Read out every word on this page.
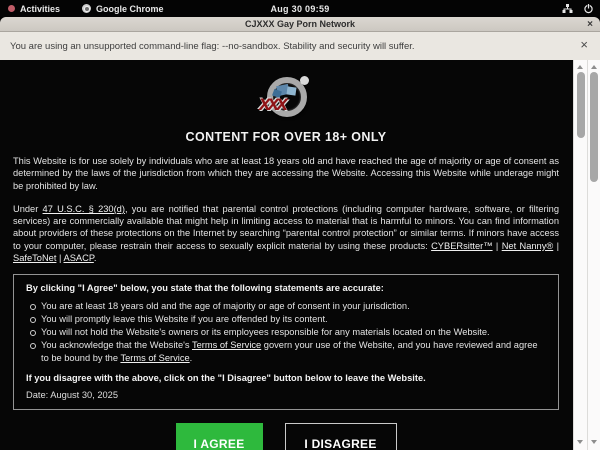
Activities	Google Chrome	Aug 30 09:59
CJXXX Gay Porn Network	×
You are using an unsupported command-line flag: --no-sandbox. Stability and security will suffer.	×
xxx
CONTENT FOR OVER 18+ ONLY

This Website is for use solely by individuals who are at least 18 years old and have reached the age of majority or age of consent as determined by the laws of the jurisdiction from which they are accessing the Website. Accessing this Website while underage might be prohibited by law.

Under 47 U.S.C. § 230(d), you are notified that parental control protections (including computer hardware, software, or filtering services) are commercially available that might help in limiting access to material that is harmful to minors. You can find information about providers of these protections on the Internet by searching “parental control protection” or similar terms. If minors have access to your computer, please restrain their access to sexually explicit material by using these products: CYBERsitter™ | Net Nanny® | SafeToNet | ASACP.

By clicking "I Agree" below, you state that the following statements are accurate:
You are at least 18 years old and the age of majority or age of consent in your jurisdiction.
You will promptly leave this Website if you are offended by its content.
You will not hold the Website's owners or its employees responsible for any materials located on the Website.
You acknowledge that the Website's Terms of Service govern your use of the Website, and you have reviewed and agree to be bound by the Terms of Service.
If you disagree with the above, click on the "I Disagree" button below to leave the Website.
Date: August 30, 2025
I AGREE	I DISAGREE
